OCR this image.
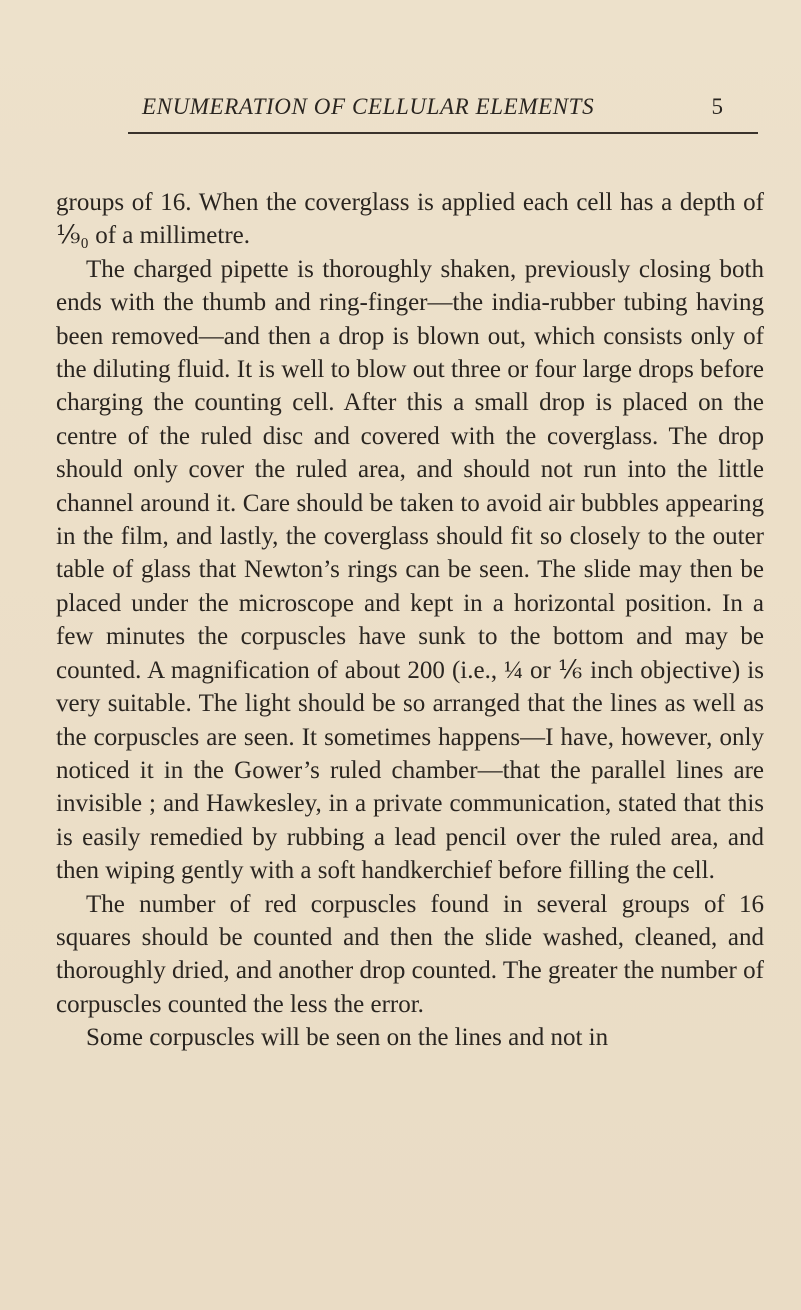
ENUMERATION OF CELLULAR ELEMENTS	5

groups of 16. When the coverglass is applied each cell has a depth of ⅑₀ of a millimetre.

The charged pipette is thoroughly shaken, previously closing both ends with the thumb and ring-finger—the india-rubber tubing having been removed—and then a drop is blown out, which consists only of the diluting fluid. It is well to blow out three or four large drops before charging the counting cell. After this a small drop is placed on the centre of the ruled disc and covered with the coverglass. The drop should only cover the ruled area, and should not run into the little channel around it. Care should be taken to avoid air bubbles appearing in the film, and lastly, the coverglass should fit so closely to the outer table of glass that Newton’s rings can be seen. The slide may then be placed under the microscope and kept in a horizontal position. In a few minutes the corpuscles have sunk to the bottom and may be counted. A magnification of about 200 (i.e., ¼ or ⅙ inch objective) is very suitable. The light should be so arranged that the lines as well as the corpuscles are seen. It sometimes happens—I have, however, only noticed it in the Gower’s ruled chamber—that the parallel lines are invisible ; and Hawkesley, in a private communication, stated that this is easily remedied by rubbing a lead pencil over the ruled area, and then wiping gently with a soft handkerchief before filling the cell.

The number of red corpuscles found in several groups of 16 squares should be counted and then the slide washed, cleaned, and thoroughly dried, and another drop counted. The greater the number of corpuscles counted the less the error.

Some corpuscles will be seen on the lines and not in
